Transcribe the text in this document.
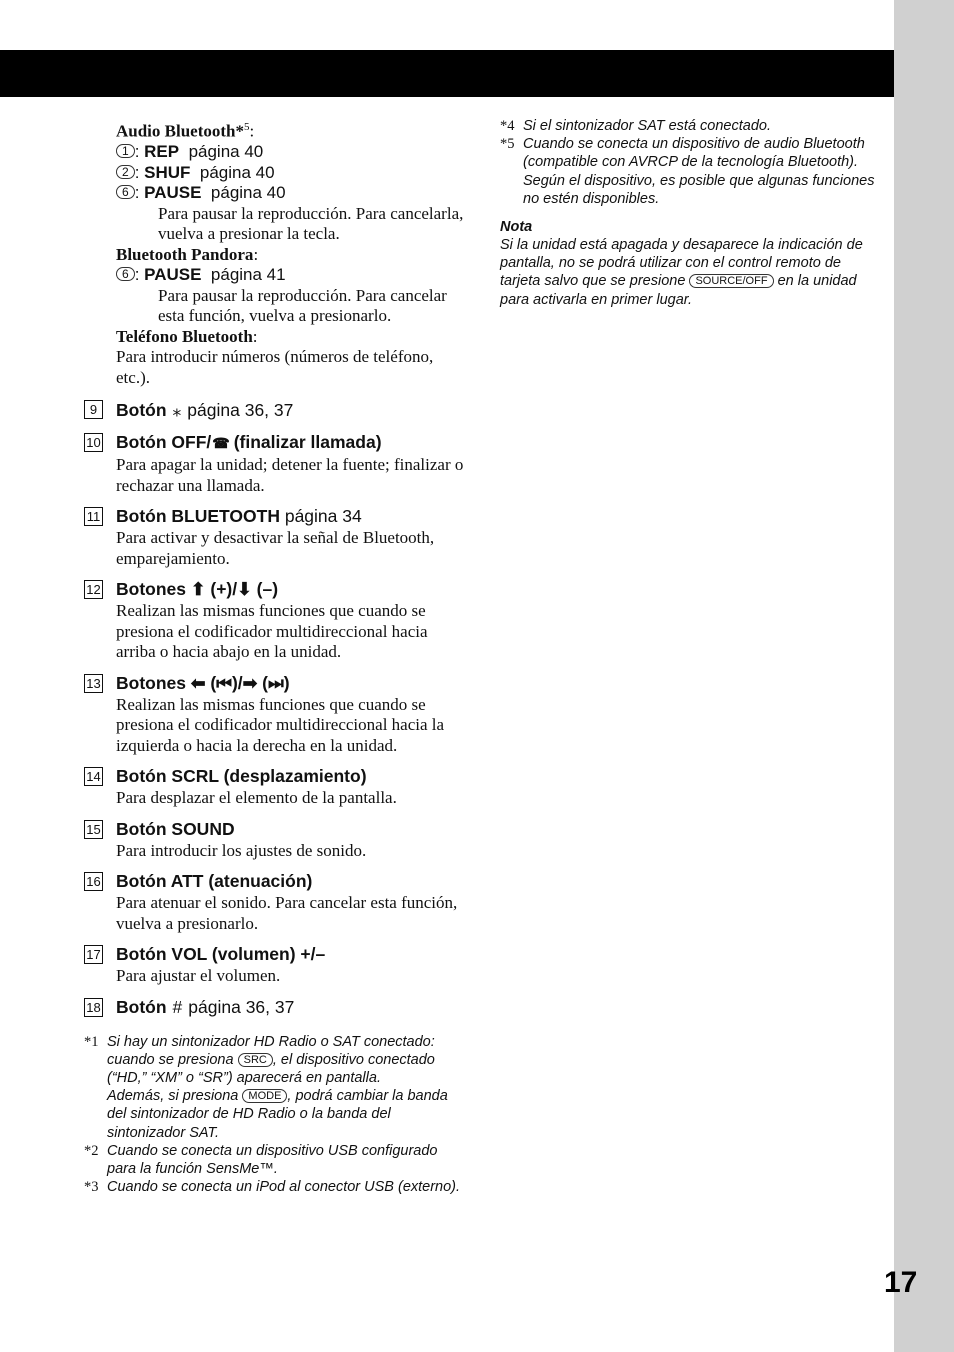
Audio Bluetooth*$^5$:
1 : REP página 40
2 : SHUF página 40
6 : PAUSE página 40
Para pausar la reproducción. Para cancelarla, vuelva a presionar la tecla.
Bluetooth Pandora:
6 : PAUSE página 41
Para pausar la reproducción. Para cancelar esta función, vuelva a presionarlo.
Teléfono Bluetooth:
Para introducir números (números de teléfono, etc.).
9	Botón ⁎ página 36, 37
10 Botón OFF/☎ (finalizar llamada)
Para apagar la unidad; detener la fuente; finalizar o rechazar una llamada.
11 Botón BLUETOOTH página 34
Para activar y desactivar la señal de Bluetooth, emparejamiento.
12 Botones ⬆ (+)/⬇ (–)
Realizan las mismas funciones que cuando se presiona el codificador multidireccional hacia arriba o hacia abajo en la unidad.
13 Botones ⬅ (⏮)/➡ (⏭)
Realizan las mismas funciones que cuando se presiona el codificador multidireccional hacia la izquierda o hacia la derecha en la unidad.
14 Botón SCRL (desplazamiento)
Para desplazar el elemento de la pantalla.
15 Botón SOUND
Para introducir los ajustes de sonido.
16 Botón ATT (atenuación)
Para atenuar el sonido. Para cancelar esta función, vuelva a presionarlo.
17 Botón VOL (volumen) +/–
Para ajustar el volumen.
18 Botón # página 36, 37
*1 Si hay un sintonizador HD Radio o SAT conectado: cuando se presiona SRC , el dispositivo conectado (“HD,” “XM” o “SR”) aparecerá en pantalla.
Además, si presiona MODE , podrá cambiar la banda del sintonizador de HD Radio o la banda del sintonizador SAT.
*2 Cuando se conecta un dispositivo USB configurado para la función SensMe™.
*3 Cuando se conecta un iPod al conector USB (externo).
*4 Si el sintonizador SAT está conectado.
*5 Cuando se conecta un dispositivo de audio Bluetooth (compatible con AVRCP de la tecnología Bluetooth). Según el dispositivo, es posible que algunas funciones no estén disponibles.
Nota
Si la unidad está apagada y desaparece la indicación de pantalla, no se podrá utilizar con el control remoto de tarjeta salvo que se presione SOURCE/OFF en la unidad para activarla en primer lugar.
17
